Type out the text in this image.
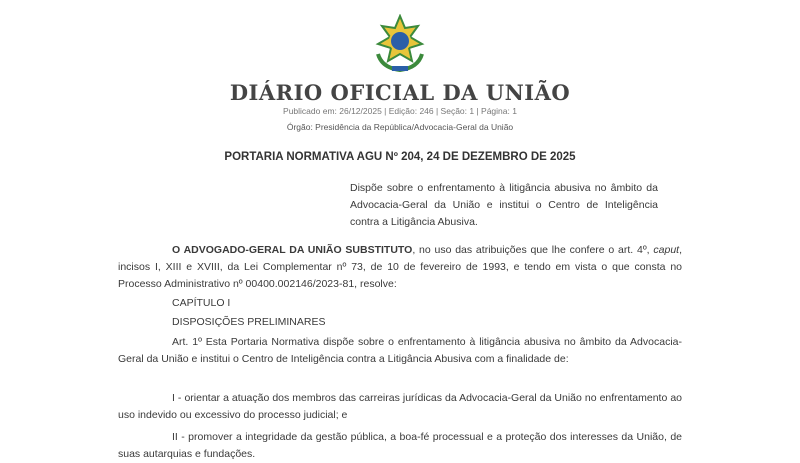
DIÁRIO OFICIAL DA UNIÃO
Publicado em: 26/12/2025 | Edição: 246 | Seção: 1 | Página: 1
Órgão: Presidência da República/Advocacia-Geral da União
PORTARIA NORMATIVA AGU Nº 204, 24 DE DEZEMBRO DE 2025
Dispõe sobre o enfrentamento à litigância abusiva no âmbito da Advocacia-Geral da União e institui o Centro de Inteligência contra a Litigância Abusiva.
O ADVOGADO-GERAL DA UNIÃO SUBSTITUTO, no uso das atribuições que lhe confere o art. 4º, caput, incisos I, XIII e XVIII, da Lei Complementar nº 73, de 10 de fevereiro de 1993, e tendo em vista o que consta no Processo Administrativo nº 00400.002146/2023-81, resolve:
CAPÍTULO I
DISPOSIÇÕES PRELIMINARES
Art. 1º Esta Portaria Normativa dispõe sobre o enfrentamento à litigância abusiva no âmbito da Advocacia-Geral da União e institui o Centro de Inteligência contra a Litigância Abusiva com a finalidade de:
I - orientar a atuação dos membros das carreiras jurídicas da Advocacia-Geral da União no enfrentamento ao uso indevido ou excessivo do processo judicial; e
II - promover a integridade da gestão pública, a boa-fé processual e a proteção dos interesses da União, de suas autarquias e fundações.
